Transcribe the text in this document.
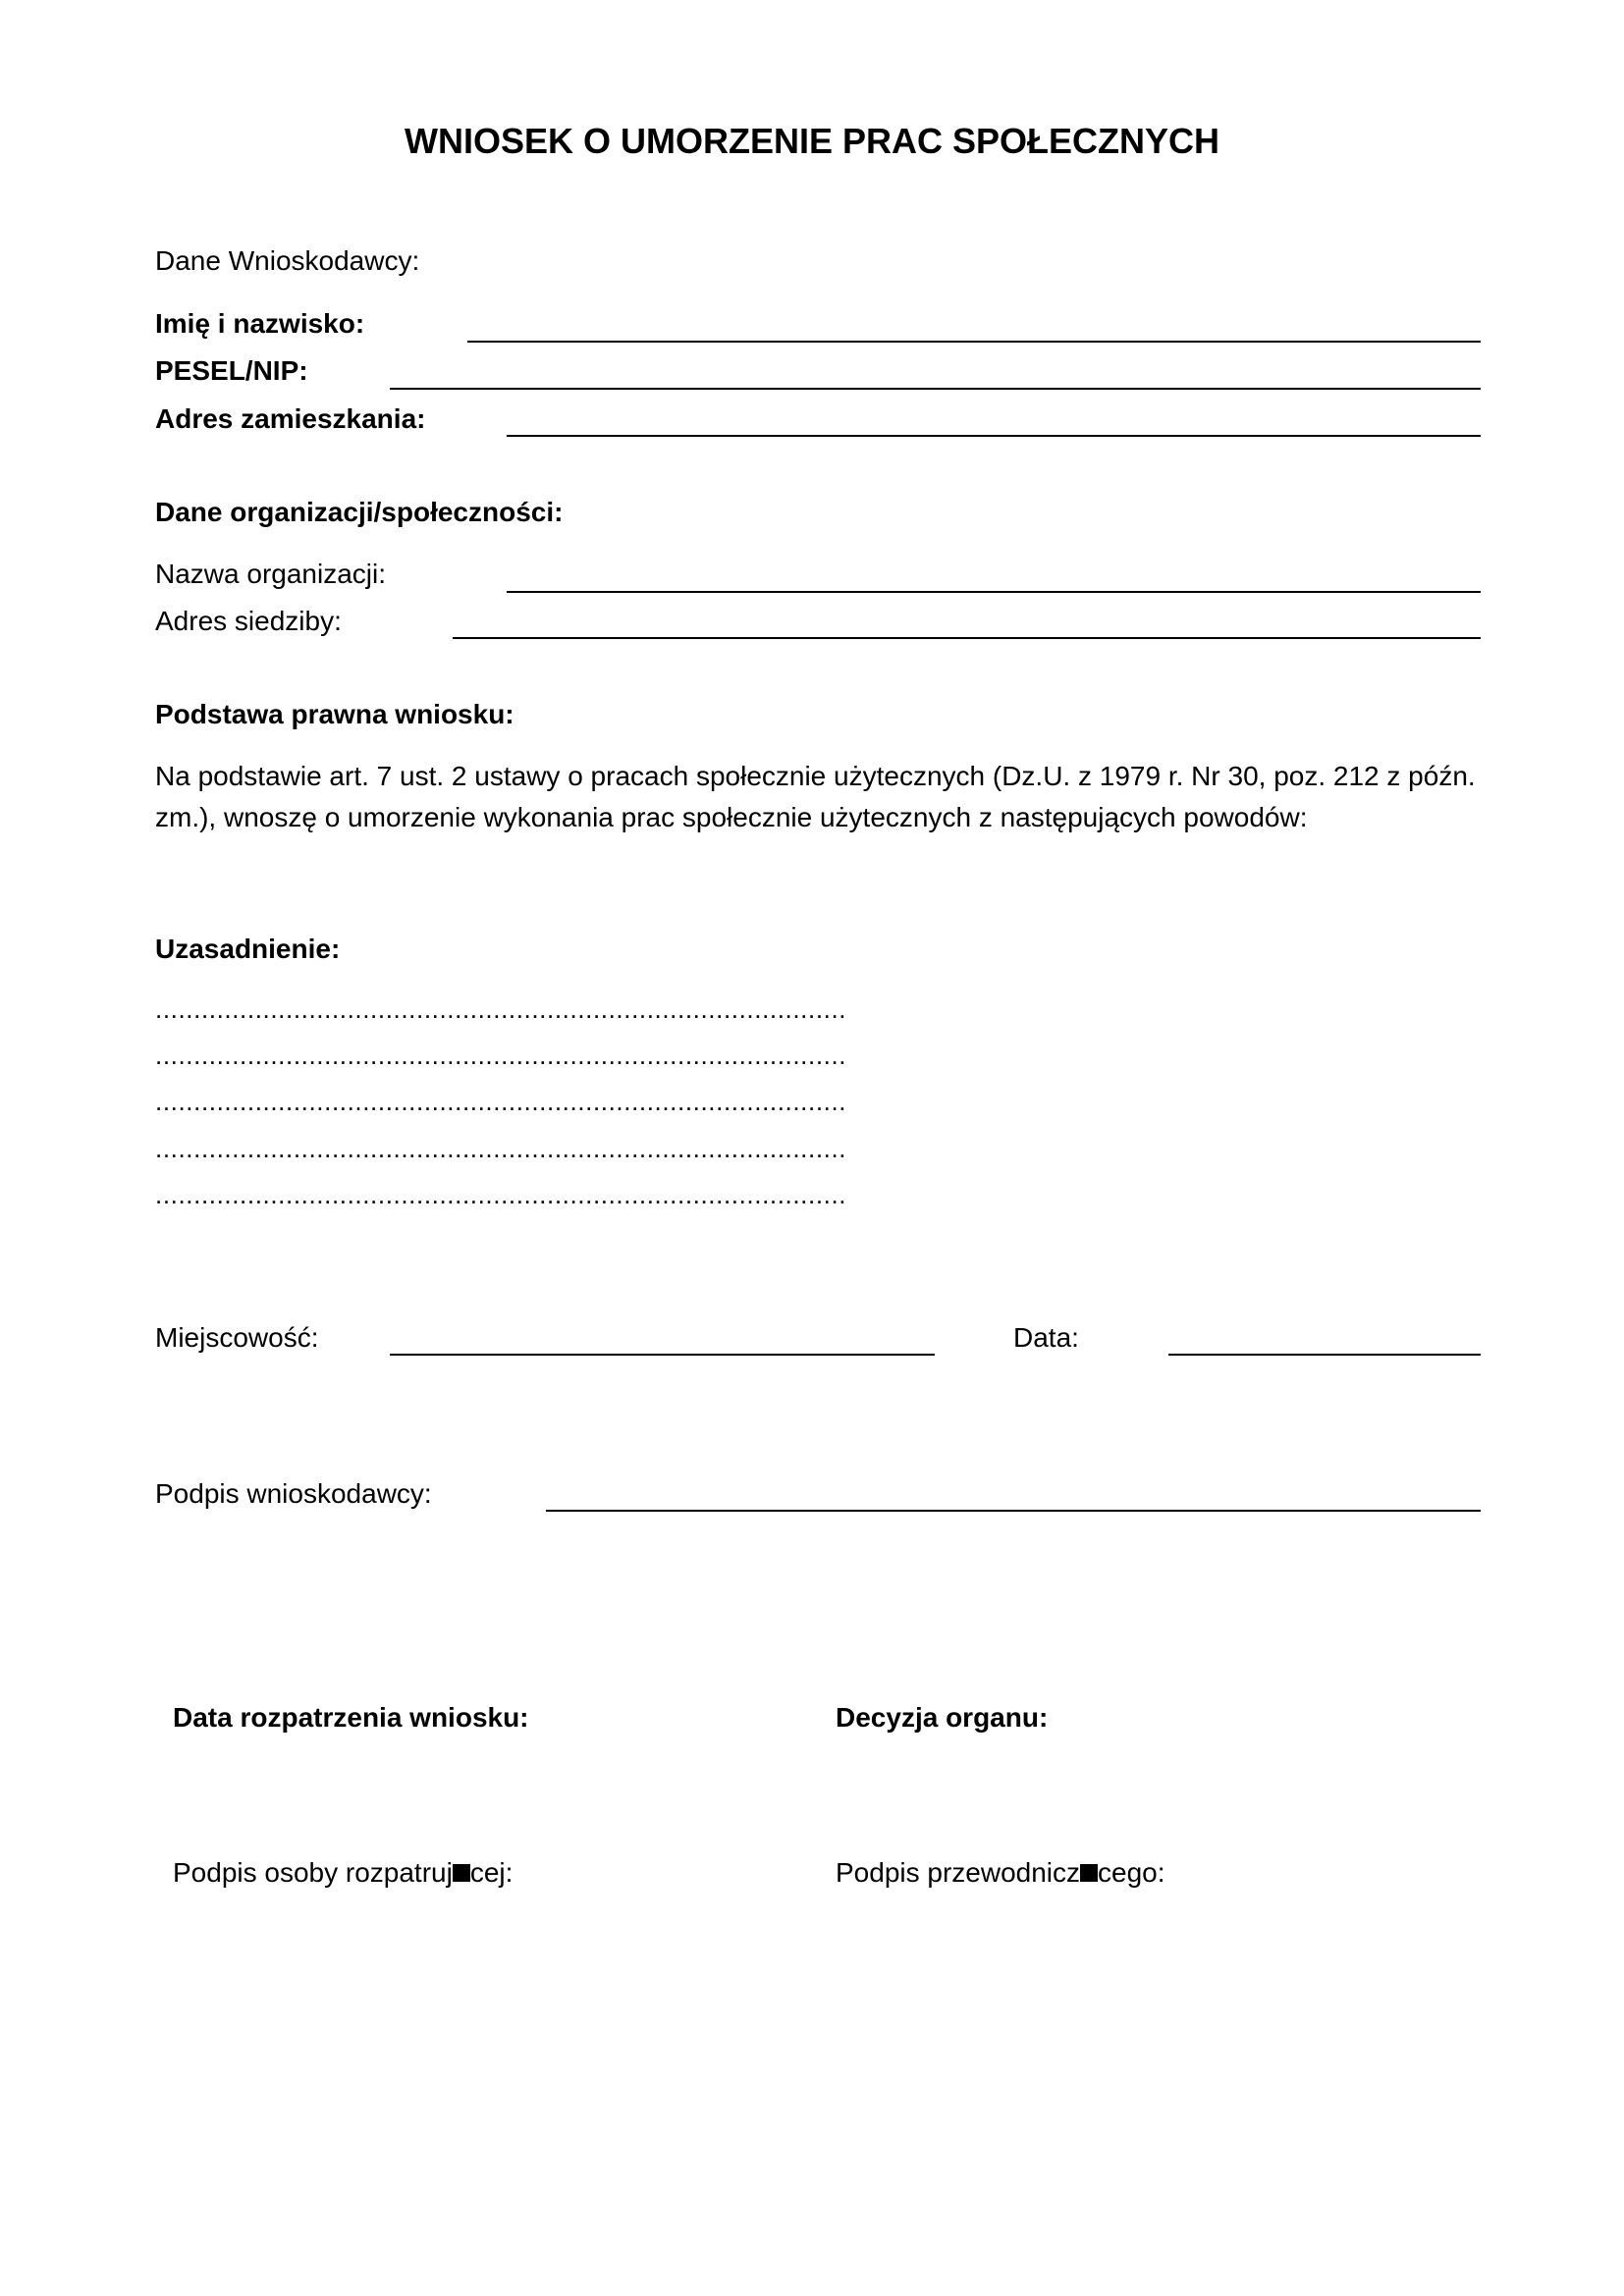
WNIOSEK O UMORZENIE PRAC SPOŁECZNYCH
Dane Wnioskodawcy:
Imię i nazwisko:
PESEL/NIP:
Adres zamieszkania:
Dane organizacji/społeczności:
Nazwa organizacji:
Adres siedziby:
Podstawa prawna wniosku:
Na podstawie art. 7 ust. 2 ustawy o pracach społecznie użytecznych (Dz.U. z 1979 r. Nr 30, poz. 212 z późn. zm.), wnoszę o umorzenie wykonania prac społecznie użytecznych z następujących powodów:
Uzasadnienie:
..........................................................................................
..........................................................................................
..........................................................................................
..........................................................................................
..........................................................................................
Miejscowość:	Data:
Podpis wnioskodawcy:
Data rozpatrzenia wniosku:	Decyzja organu:
Podpis osoby rozpatruj cej:	Podpis przewodnicz cego:
